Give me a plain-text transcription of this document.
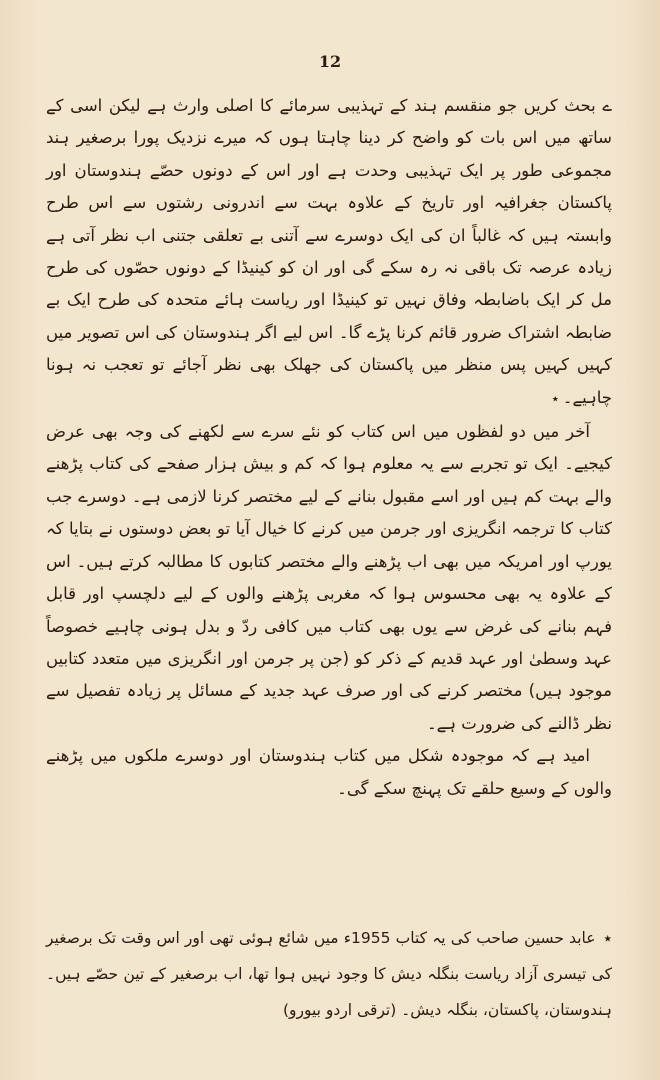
12

ے بحث کریں جو منقسم ہند کے تہذیبی سرمائے کا اصلی وارث ہے لیکن اسی کے ساتھ میں اس بات کو واضح کر دینا چاہتا ہوں کہ میرے نزدیک پورا برصغیر ہند مجموعی طور پر ایک تہذیبی وحدت ہے اور اس کے دونوں حصّے ہندوستان اور پاکستان جغرافیہ اور تاریخ کے علاوہ بہت سے اندرونی رشتوں سے اس طرح وابستہ ہیں کہ غالباً ان کی ایک دوسرے سے آتنی بے تعلقی جتنی اب نظر آتی ہے زیادہ عرصہ تک باقی نہ رہ سکے گی اور ان کو کینیڈا کے دونوں حصّوں کی طرح مل کر ایک باضابطہ وفاق نہیں تو کینیڈا اور ریاست ہائے متحدہ کی طرح ایک بے ضابطہ اشتراک ضرور قائم کرنا پڑے گا۔ اس لیے اگر ہندوستان کی اس تصویر میں کہیں کہیں پس منظر میں پاکستان کی جھلک بھی نظر آجائے تو تعجب نہ ہونا چاہیے۔٭

آخر میں دو لفظوں میں اس کتاب کو نئے سرے سے لکھنے کی وجہ بھی عرض کیجیے۔ ایک تو تجربے سے یہ معلوم ہوا کہ کم و بیش ہزار صفحے کی کتاب پڑھنے والے بہت کم ہیں اور اسے مقبول بنانے کے لیے مختصر کرنا لازمی ہے۔ دوسرے جب کتاب کا ترجمہ انگریزی اور جرمن میں کرنے کا خیال آیا تو بعض دوستوں نے بتایا کہ یورپ اور امریکہ میں بھی اب پڑھنے والے مختصر کتابوں کا مطالبہ کرتے ہیں۔ اس کے علاوہ یہ بھی محسوس ہوا کہ مغربی پڑھنے والوں کے لیے دلچسپ اور قابل فہم بنانے کی غرض سے یوں بھی کتاب میں کافی ردّ و بدل ہونی چاہیے خصوصاً عہد وسطیٰ اور عہد قدیم کے ذکر کو (جن پر جرمن اور انگریزی میں متعدد کتابیں موجود ہیں) مختصر کرنے کی اور صرف عہد جدید کے مسائل پر زیادہ تفصیل سے نظر ڈالنے کی ضرورت ہے۔

امید ہے کہ موجودہ شکل میں کتاب ہندوستان اور دوسرے ملکوں میں پڑھنے والوں کے وسیع حلقے تک پہنچ سکے گی۔

٭عابد حسین صاحب کی یہ کتاب 1955ء میں شائع ہوئی تھی اور اس وقت تک برصغیر کی تیسری آزاد ریاست بنگلہ دیش کا وجود نہیں ہوا تھا، اب برصغیر کے تین حصّے ہیں۔ ہندوستان، پاکستان، بنگلہ دیش۔ (ترقی اردو بیورو)
